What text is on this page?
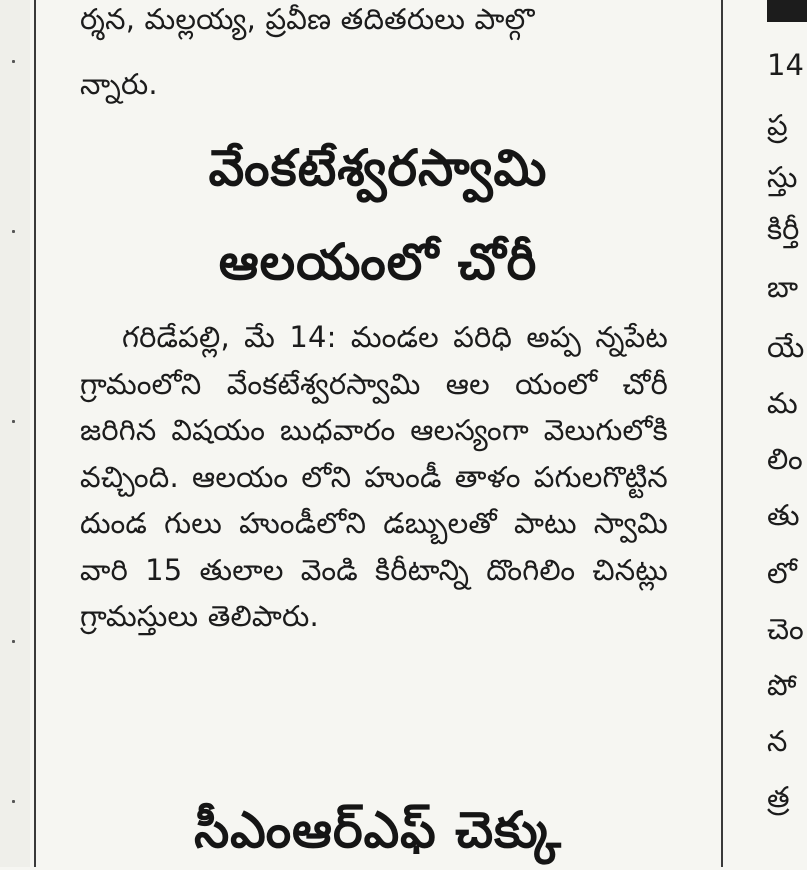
ర్శన, మల్లయ్య, ప్రవీణ తదితరులు పాల్గొ
న్నారు.

వేంకటేశ్వరస్వామి
ఆలయంలో చోరీ

గరిడేపల్లి, మే 14: మండల పరిధి అప్ప న్నపేట గ్రామంలోని వేంకటేశ్వరస్వామి ఆల యంలో చోరీ జరిగిన విషయం బుధవారం ఆలస్యంగా వెలుగులోకి వచ్చింది. ఆలయం లోని హుండీ తాళం పగులగొట్టిన దుండ గులు హుండీలోని డబ్బులతో పాటు స్వామి వారి 15 తులాల వెండి కిరీటాన్ని దొంగిలిం చినట్లు గ్రామస్తులు తెలిపారు.

సీఎంఆర్‌ఎఫ్‌ చెక్కు
14
ప్ర
స్తు
కిర్తీ
బా
యే
మ
లిం
తు
లో
చెం
పో
న
త్ర
